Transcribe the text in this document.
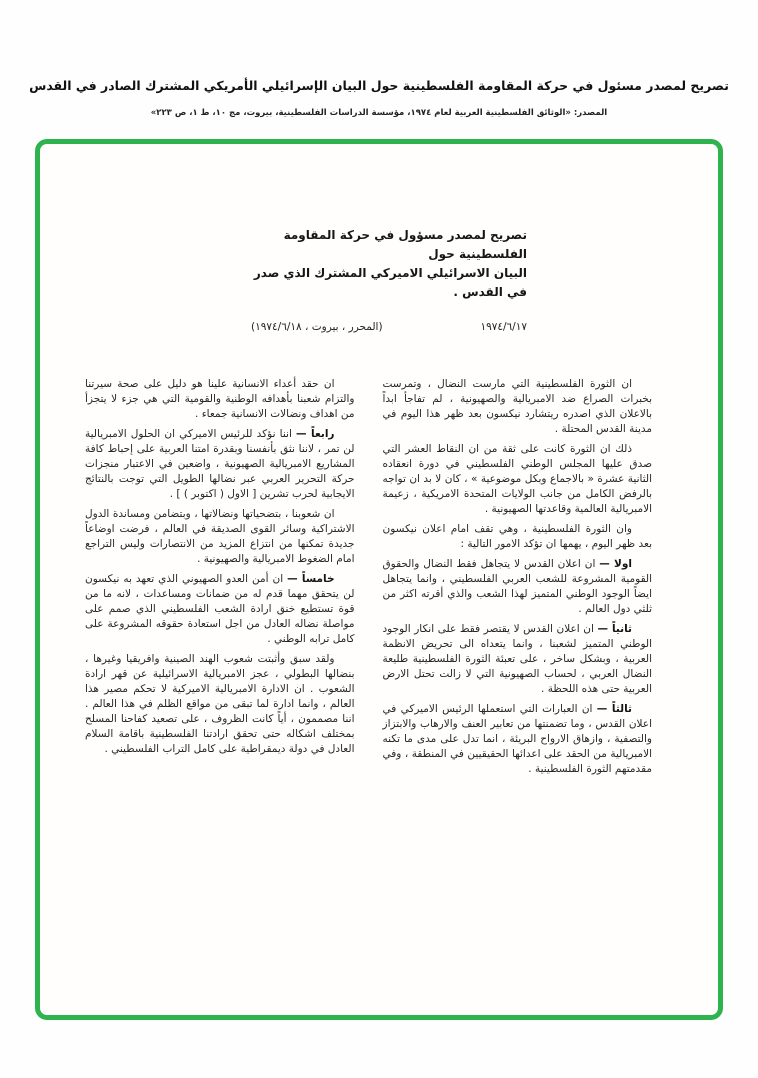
تصريح لمصدر مسئول في حركة المقاومة الفلسطينية حول البيان الإسرائيلي الأمريكي المشترك الصادر في القدس
المصدر: «الوثائق الفلسطينية العربية لعام ١٩٧٤، مؤسسة الدراسات الفلسطينية، بيروت، مج ١٠، ط ١، ص ٢٢٣»
تصريح لمصدر مسؤول في حركة المقاومة الفلسطينية حول
البيان الاسرائيلي الاميركي المشترك الذي صدر في القدس .
١٩٧٤/٦/١٧
(المحرر ، بيروت ، ١٩٧٤/٦/١٨)

ان الثورة الفلسطينية التي مارست النضال ، وتمرست بخبرات الصراع ضد الامبريالية والصهيونية ، لم تفاجأ ابداً بالاعلان الذي اصدره ريتشارد نيكسون بعد ظهر هذا اليوم في مدينة القدس المحتلة .

ذلك ان الثورة كانت على ثقة من ان النقاط العشر التي صدق عليها المجلس الوطني الفلسطيني في دورة انعقاده الثانية عشرة « بالاجماع وبكل موضوعية » ، كان لا بد ان تواجه بالرفض الكامل من جانب الولايات المتحدة الامريكية ، زعيمة الامبريالية العالمية وقاعدتها الصهيونية .

وان الثورة الفلسطينية ، وهي تقف امام اعلان نيكسون بعد ظهر اليوم ، يهمها ان تؤكد الامور التالية :

اولا — ان اعلان القدس لا يتجاهل فقط النضال والحقوق القومية المشروعة للشعب العربي الفلسطيني ، وانما يتجاهل ايضاً الوجود الوطني المتميز لهذا الشعب والذي أقرته اكثر من ثلثي دول العالم .

ثانياً — ان اعلان القدس لا يقتصر فقط على انكار الوجود الوطني المتميز لشعبنا ، وانما يتعداه الى تحريض الانظمة العربية ، وبشكل ساخر ، على تعبئة الثورة الفلسطينية طليعة النضال العربي ، لحساب الصهيونية التي لا زالت تحتل الارض العربية حتى هذه اللحظة .

ثالثاً — ان العبارات التي استعملها الرئيس الاميركي في اعلان القدس ، وما تضمنتها من تعابير العنف والارهاب والابتزاز والتصفية ، وازهاق الارواح البريئة ، انما تدل على مدى ما تكنه الامبريالية من الحقد على اعدائها الحقيقيين في المنطقة ، وفي مقدمتهم الثورة الفلسطينية .

ان حقد أعداء الانسانية علينا هو دليل على صحة سيرتنا والتزام شعبنا بأهدافه الوطنية والقومية التي هي جزء لا يتجزأ من اهداف ونضالات الانسانية جمعاء .

رابعاً — اننا نؤكد للرئيس الاميركي ان الحلول الامبريالية لن تمر ، لاننا نثق بأنفسنا وبقدرة امتنا العربية على إحباط كافة المشاريع الامبريالية الصهيونية ، واضعين في الاعتبار منجزات حركة التحرير العربي عبر نضالها الطويل التي توجت بالنتائج الايجابية لحرب تشرين [ الاول ( اكتوبر ) ] .

ان شعوبنا ، بتضحياتها ونضالاتها ، وبتضامن ومساندة الدول الاشتراكية وسائر القوى الصديقة في العالم ، فرضت اوضاعاً جديدة تمكنها من انتزاع المزيد من الانتصارات وليس التراجع امام الضغوط الامبريالية والصهيونية .

خامساً — ان أمن العدو الصهيوني الذي تعهد به نيكسون لن يتحقق مهما قدم له من ضمانات ومساعدات ، لانه ما من قوة تستطيع خنق ارادة الشعب الفلسطيني الذي صمم على مواصلة نضاله العادل من اجل استعادة حقوقه المشروعة على كامل ترابه الوطني .

ولقد سبق وأثبتت شعوب الهند الصينية وافريقيا وغيرها ، بنضالها البطولي ، عجز الامبريالية الاسرائيلية عن قهر ارادة الشعوب . ان الادارة الامبريالية الاميركية لا تحكم مصير هذا العالم ، وانما ادارة لما تبقى من مواقع الظلم في هذا العالم . اننا مصممون ، أياً كانت الظروف ، على تصعيد كفاحنا المسلح بمختلف اشكاله حتى تحقق ارادتنا الفلسطينية باقامة السلام العادل في دولة ديمقراطية على كامل التراب الفلسطيني .
